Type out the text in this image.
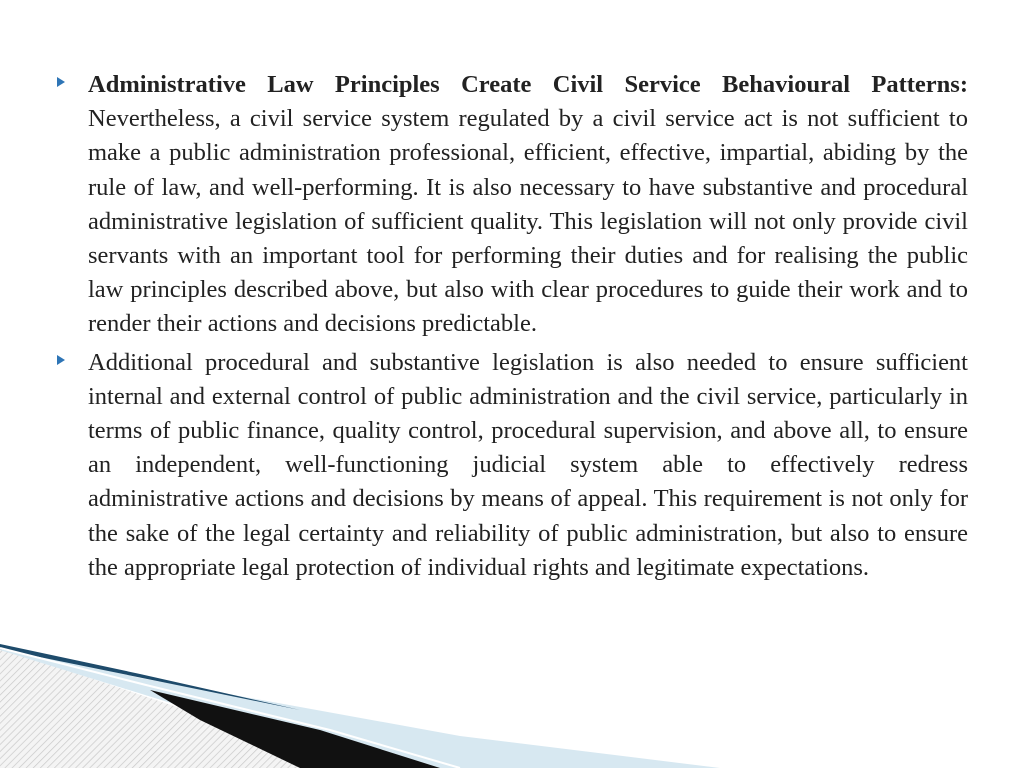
Administrative Law Principles Create Civil Service Behavioural Patterns: Nevertheless, a civil service system regulated by a civil service act is not sufficient to make a public administration professional, efficient, effective, impartial, abiding by the rule of law, and well-performing. It is also necessary to have substantive and procedural administrative legislation of sufficient quality. This legislation will not only provide civil servants with an important tool for performing their duties and for realising the public law principles described above, but also with clear procedures to guide their work and to render their actions and decisions predictable.

Additional procedural and substantive legislation is also needed to ensure sufficient internal and external control of public administration and the civil service, particularly in terms of public finance, quality control, procedural supervision, and above all, to ensure an independent, well-functioning judicial system able to effectively redress administrative actions and decisions by means of appeal. This requirement is not only for the sake of the legal certainty and reliability of public administration, but also to ensure the appropriate legal protection of individual rights and legitimate expectations.
